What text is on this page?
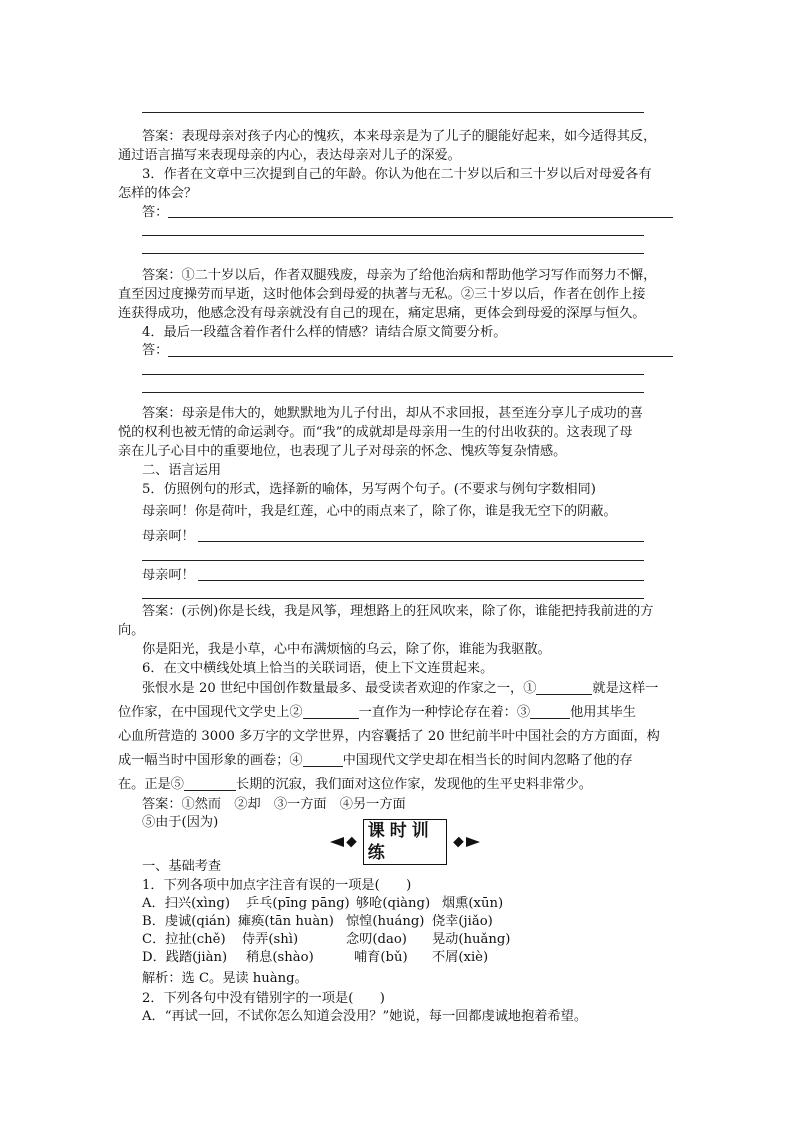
答案：表现母亲对孩子内心的愧疚，本来母亲是为了儿子的腿能好起来，如今适得其反，
通过语言描写来表现母亲的内心，表达母亲对儿子的深爱。
3．作者在文章中三次提到自己的年龄。你认为他在二十岁以后和三十岁以后对母爱各有
怎样的体会？
答：
答案：①二十岁以后，作者双腿残废，母亲为了给他治病和帮助他学习写作而努力不懈，
直至因过度操劳而早逝，这时他体会到母爱的执著与无私。②三十岁以后，作者在创作上接
连获得成功，他感念没有母亲就没有自己的现在，痛定思痛，更体会到母爱的深厚与恒久。
4．最后一段蕴含着作者什么样的情感？请结合原文简要分析。
答：
答案：母亲是伟大的，她默默地为儿子付出，却从不求回报，甚至连分享儿子成功的喜
悦的权利也被无情的命运剥夺。而“我”的成就却是母亲用一生的付出收获的。这表现了母
亲在儿子心目中的重要地位，也表现了儿子对母亲的怀念、愧疚等复杂情感。
二、语言运用
5．仿照例句的形式，选择新的喻体，另写两个句子。(不要求与例句字数相同)
母亲呵！你是荷叶，我是红莲，心中的雨点来了，除了你，谁是我无空下的阴蔽。
母亲呵！
母亲呵！
答案：(示例)你是长线，我是风筝，理想路上的狂风吹来，除了你，谁能把持我前进的方
向。
你是阳光，我是小草，心中布满烦恼的乌云，除了你，谁能为我驱散。
6．在文中横线处填上恰当的关联词语，使上下文连贯起来。
张恨水是 20 世纪中国创作数量最多、最受读者欢迎的作家之一，①	就是这样一
位作家，在中国现代文学史上②	一直作为一种悖论存在着：③	他用其毕生
心血所营造的 3000 多万字的文学世界，内容囊括了 20 世纪前半叶中国社会的方方面面，构
成一幅当时中国形象的画卷；④	中国现代文学史却在相当长的时间内忽略了他的存
在。正是⑤	长期的沉寂，我们面对这位作家，发现他的生平史料非常少。
答案：①然而　②却　③一方面　④另一方面
⑤由于(因为)	课时训练
一、基础考查
1．下列各项中加点字注音有误的一项是(　　)
A．扫兴(xìng) 乒乓(pīng pāng) 够呛(qiàng) 烟熏(xūn)
B．虔诚(qián) 瘫痪(tān huàn) 惊惶(huáng) 侥幸(jiǎo)
C．拉扯(chě) 侍弄(shì)	念叨(dao) 晃动(huǎng)
D．践踏(jiàn) 稍息(shào)	哺育(bǔ) 不屑(xiè)
解析：选 C。晃读 huàng。
2．下列各句中没有错别字的一项是(　　)
A．“再试一回，不试你怎么知道会没用？”她说，每一回都虔诚地抱着希望。
